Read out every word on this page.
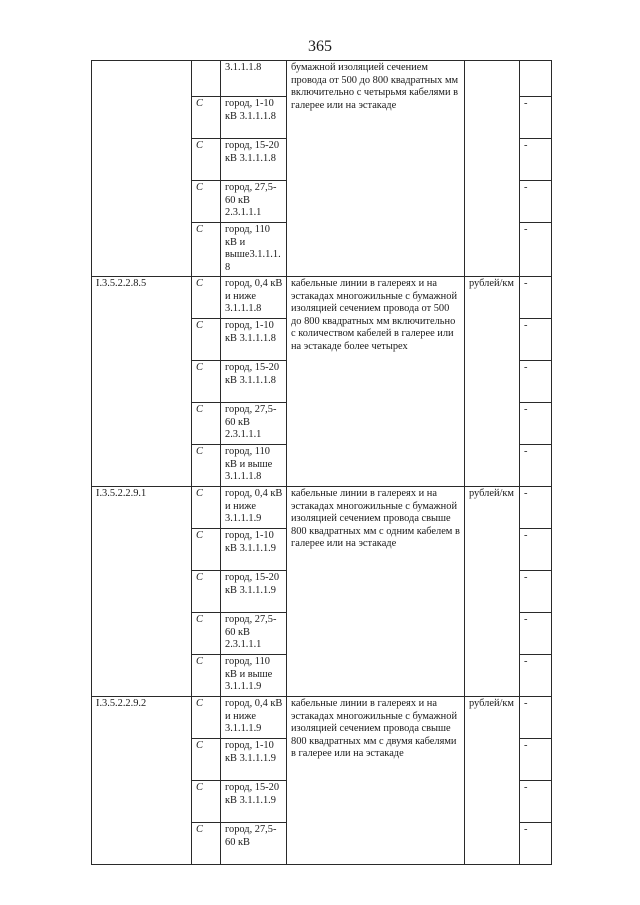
365
		3.1.1.1.8	бумажной изоляцией сечением провода от 500 до 800 квадратных мм включительно с четырьмя кабелями в галерее или на эстакаде		
	C	город, 1-10 кВ 3.1.1.1.8			-
	C	город, 15-20 кВ 3.1.1.1.8			-
	C	город, 27,5-60 кВ 2.3.1.1.1			-
	C	город, 110 кВ и выше3.1.1.1.8			-
I.3.5.2.2.8.5	C	город, 0,4 кВ и ниже 3.1.1.1.8	кабельные линии в галереях и на эстакадах многожильные с бумажной изоляцией сечением провода от 500 до 800 квадратных мм включительно с количеством кабелей в галерее или на эстакаде более четырех	рублей/км	-
	C	город, 1-10 кВ 3.1.1.1.8			-
	C	город, 15-20 кВ 3.1.1.1.8			-
	C	город, 27,5-60 кВ 2.3.1.1.1			-
	C	город, 110 кВ и выше 3.1.1.1.8			-
I.3.5.2.2.9.1	C	город, 0,4 кВ и ниже 3.1.1.1.9	кабельные линии в галереях и на эстакадах многожильные с бумажной изоляцией сечением провода свыше 800 квадратных мм с одним кабелем в галерее или на эстакаде	рублей/км	-
	C	город, 1-10 кВ 3.1.1.1.9			-
	C	город, 15-20 кВ 3.1.1.1.9			-
	C	город, 27,5-60 кВ 2.3.1.1.1			-
	C	город, 110 кВ и выше 3.1.1.1.9			-
I.3.5.2.2.9.2	C	город, 0,4 кВ и ниже 3.1.1.1.9	кабельные линии в галереях и на эстакадах многожильные с бумажной изоляцией сечением провода свыше 800 квадратных мм с двумя кабелями в галерее или на эстакаде	рублей/км	-
	C	город, 1-10 кВ 3.1.1.1.9			-
	C	город, 15-20 кВ 3.1.1.1.9			-
	C	город, 27,5-60 кВ			-
